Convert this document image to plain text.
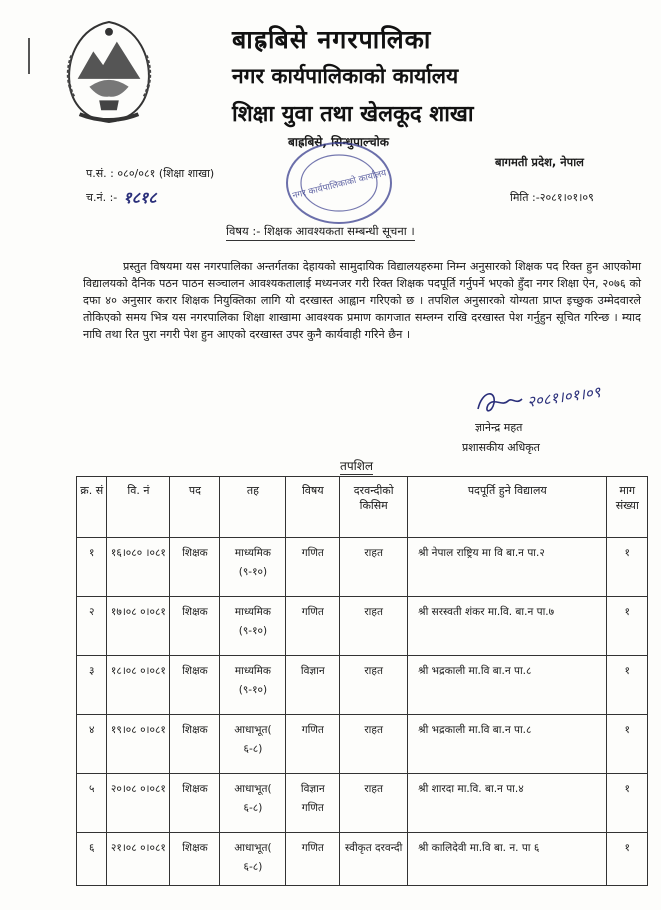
बाह्रबिसे नगरपालिका
नगर कार्यपालिकाको कार्यालय
शिक्षा युवा तथा खेलकूद शाखा
बाह्रबिसे, सिन्धुपाल्चोक
बागमती प्रदेश, नेपाल
नगर कार्यपालिकाको कार्यालय
प.सं. : ०८०/०८१ (शिक्षा शाखा)
च.नं. :- १८१८	मिति :-२०८१।०१।०९
विषय :- शिक्षक आवश्यकता सम्बन्धी सूचना ।
प्रस्तुत विषयमा यस नगरपालिका अन्तर्गतका देहायको सामुदायिक विद्यालयहरुमा निम्न अनुसारको शिक्षक पद रिक्त हुन आएकोमा विद्यालयको दैनिक पठन पाठन सञ्चालन आवश्यकतालाई मध्यनजर गरी रिक्त शिक्षक पदपूर्ति गर्नुपर्ने भएको हुँदा नगर शिक्षा ऐन, २०७६ को दफा ४० अनुसार करार शिक्षक नियुक्तिका लागि यो दरखास्त आह्वान गरिएको छ । तपशिल अनुसारको योग्यता प्राप्त इच्छुक उम्मेदवारले तोकिएको समय भित्र यस नगरपालिका शिक्षा शाखामा आवश्यक प्रमाण कागजात सम्लग्न राखि दरखास्त पेश गर्नुहुन सूचित गरिन्छ । म्याद नाघि तथा रित पुरा नगरी पेश हुन आएको दरखास्त उपर कुनै कार्यवाही गरिने छैन ।
२०८१।०१।०९
ज्ञानेन्द्र महत
प्रशासकीय अधिकृत
तपशिल
क्र. सं	वि. नं	पद	तह	विषय	दरवन्दीको किसिम	पदपूर्ति हुने विद्यालय	माग संख्या
१	१६।०८० ।०८१	शिक्षक	माध्यमिक (९-१०)	गणित	राहत	श्री नेपाल राष्ट्रिय मा वि बा.न पा.२	१
२	१७।०८ ०।०८१	शिक्षक	माध्यमिक (९-१०)	गणित	राहत	श्री सरस्वती शंकर मा.वि. बा.न पा.७	१
३	१८।०८ ०।०८१	शिक्षक	माध्यमिक (९-१०)	विज्ञान	राहत	श्री भद्रकाली मा.वि बा.न पा.८	१
४	१९।०८ ०।०८१	शिक्षक	आधाभूत( ६-८)	गणित	राहत	श्री भद्रकाली मा.वि बा.न पा.८	१
५	२०।०८ ०।०८१	शिक्षक	आधाभूत( ६-८)	विज्ञान गणित	राहत	श्री शारदा मा.वि. बा.न पा.४	१
६	२१।०८ ०।०८१	शिक्षक	आधाभूत( ६-८)	गणित	स्वीकृत दरवन्दी	श्री कालिदेवी मा.वि बा. न. पा ६	१
